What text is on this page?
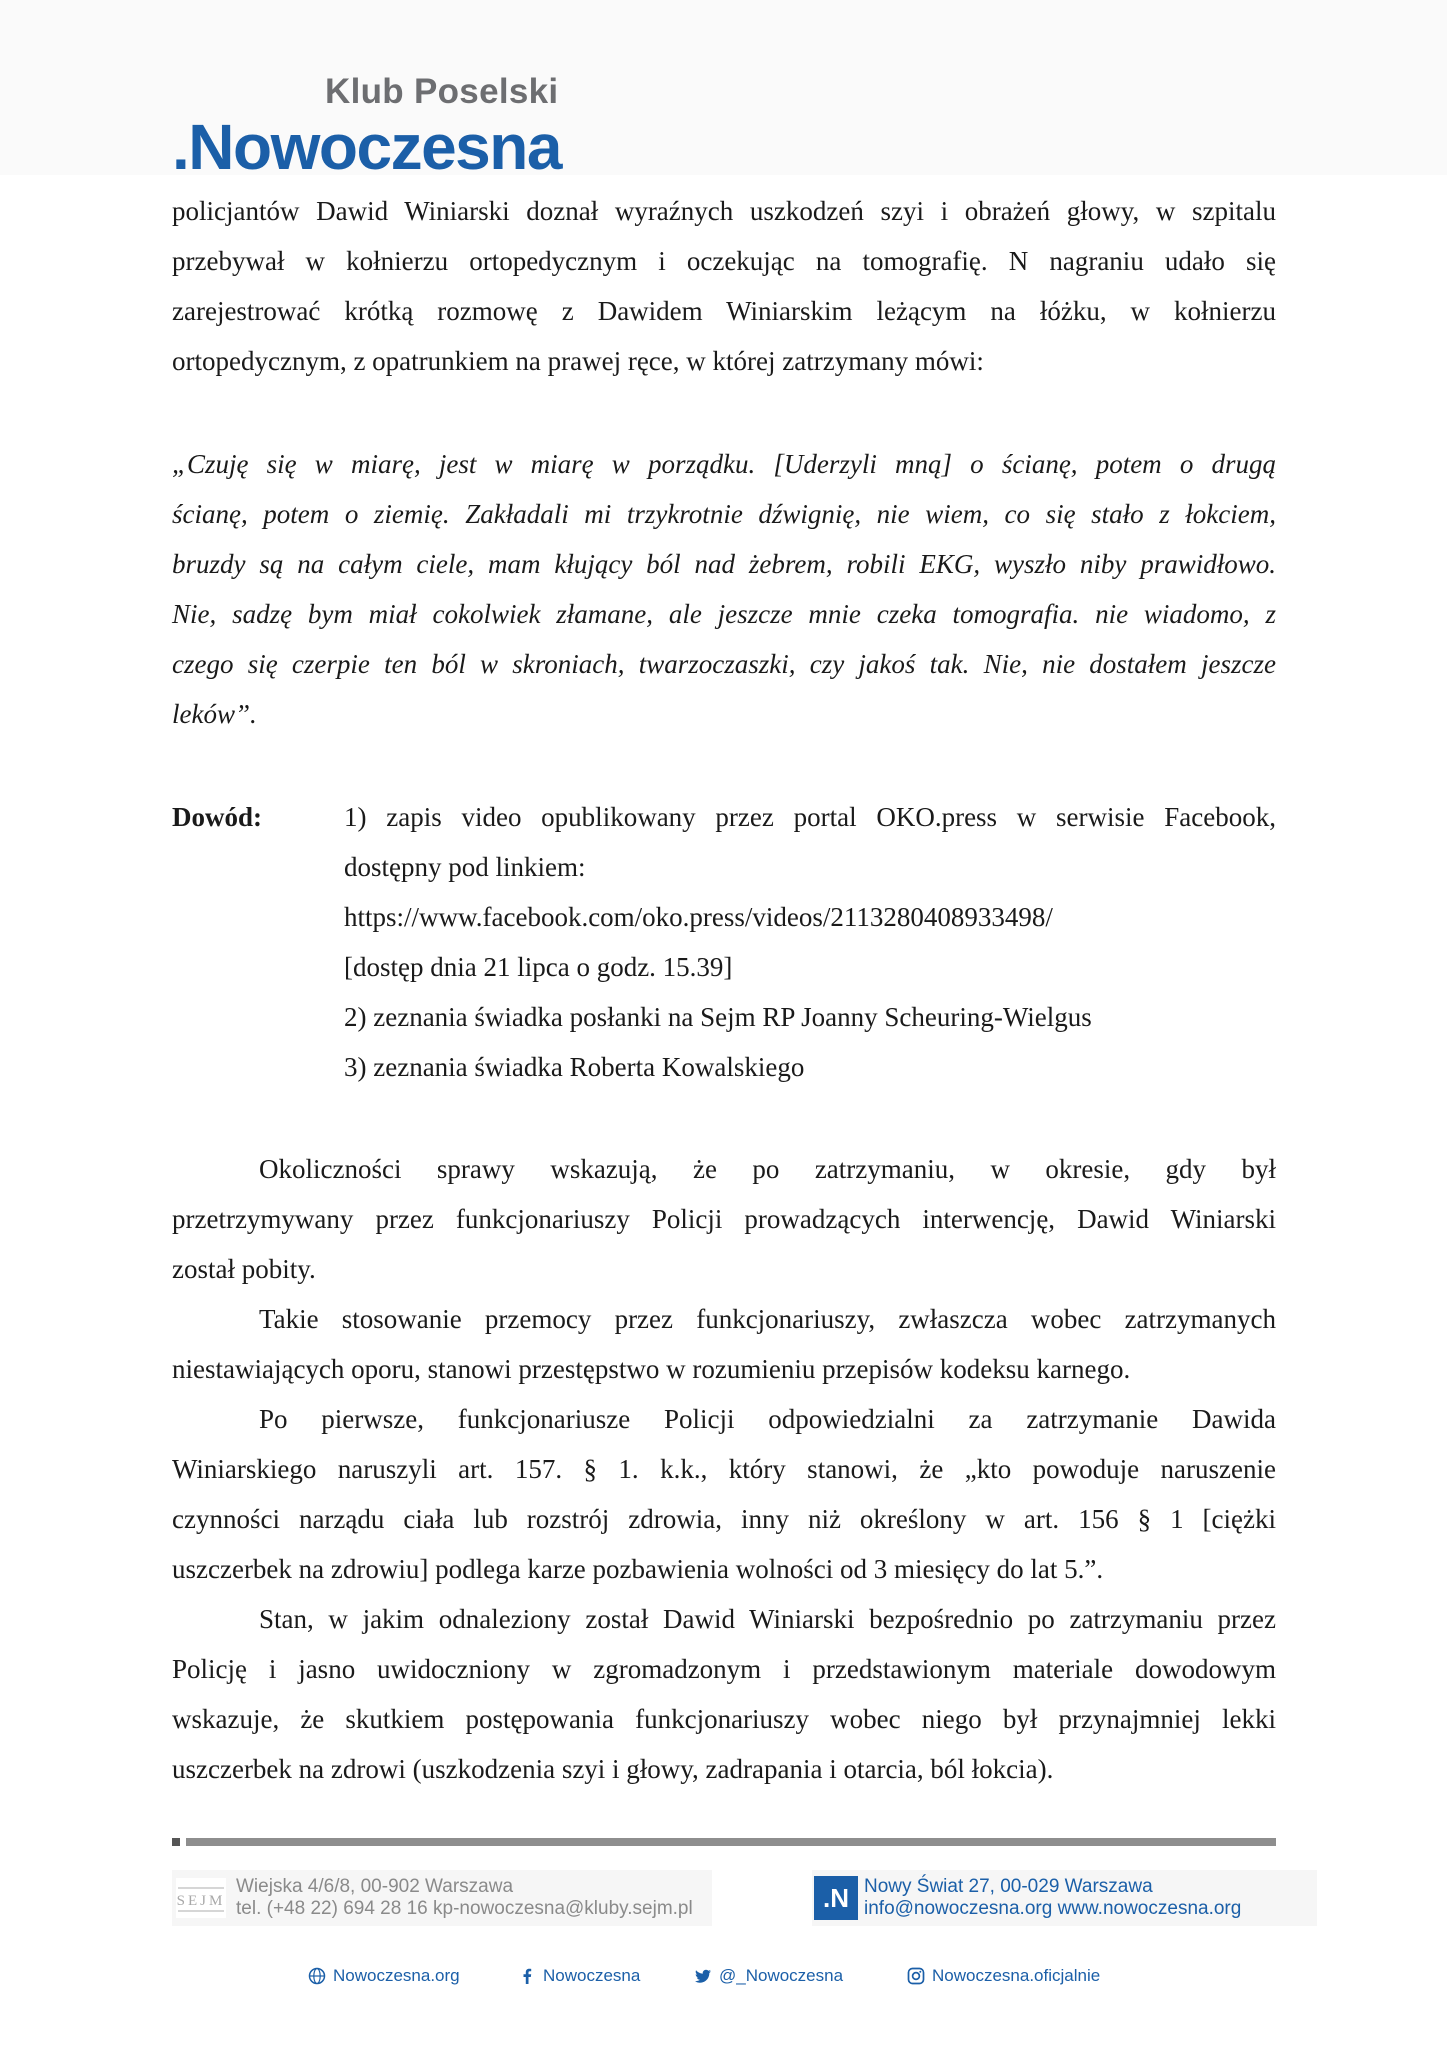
Klub Poselski
.Nowoczesna

policjantów Dawid Winiarski doznał wyraźnych uszkodzeń szyi i obrażeń głowy, w szpitalu

przebywał w kołnierzu ortopedycznym i oczekując na tomografię. N nagraniu udało się

zarejestrować krótką rozmowę z Dawidem Winiarskim leżącym na łóżku, w kołnierzu

ortopedycznym, z opatrunkiem na prawej ręce, w której zatrzymany mówi:

„Czuję się w miarę, jest w miarę w porządku. [Uderzyli mną] o ścianę, potem o drugą

ścianę, potem o ziemię. Zakładali mi trzykrotnie dźwignię, nie wiem, co się stało z łokciem,

bruzdy są na całym ciele, mam kłujący ból nad żebrem, robili EKG, wyszło niby prawidłowo.

Nie, sadzę bym miał cokolwiek złamane, ale jeszcze mnie czeka tomografia. nie wiadomo, z

czego się czerpie ten ból w skroniach, twarzoczaszki, czy jakoś tak. Nie, nie dostałem jeszcze

leków”.

Dowód:	1) zapis video opublikowany przez portal OKO.press w serwisie Facebook,

dostępny pod linkiem:

https://www.facebook.com/oko.press/videos/2113280408933498/

[dostęp dnia 21 lipca o godz. 15.39]

2) zeznania świadka posłanki na Sejm RP Joanny Scheuring-Wielgus

3) zeznania świadka Roberta Kowalskiego

Okoliczności sprawy wskazują, że po zatrzymaniu, w okresie, gdy był

przetrzymywany przez funkcjonariuszy Policji prowadzących interwencję, Dawid Winiarski

został pobity.

Takie stosowanie przemocy przez funkcjonariuszy, zwłaszcza wobec zatrzymanych

niestawiających oporu, stanowi przestępstwo w rozumieniu przepisów kodeksu karnego.

Po pierwsze, funkcjonariusze Policji odpowiedzialni za zatrzymanie Dawida

Winiarskiego naruszyli art. 157. § 1. k.k., który stanowi, że „kto powoduje naruszenie

czynności narządu ciała lub rozstrój zdrowia, inny niż określony w art. 156 § 1 [ciężki

uszczerbek na zdrowiu] podlega karze pozbawienia wolności od 3 miesięcy do lat 5.”.

Stan, w jakim odnaleziony został Dawid Winiarski bezpośrednio po zatrzymaniu przez

Policję i jasno uwidoczniony w zgromadzonym i przedstawionym materiale dowodowym

wskazuje, że skutkiem postępowania funkcjonariuszy wobec niego był przynajmniej lekki

uszczerbek na zdrowi (uszkodzenia szyi i głowy, zadrapania i otarcia, ból łokcia).

SEJM
Wiejska 4/6/8, 00-902 Warszawa
tel. (+48 22) 694 28 16 kp-nowoczesna@kluby.sejm.pl	.N Nowy Świat 27, 00-029 Warszawa
info@nowoczesna.org www.nowoczesna.org
Nowoczesna.org	Nowoczesna	@_Nowoczesna	Nowoczesna.oficjalnie
